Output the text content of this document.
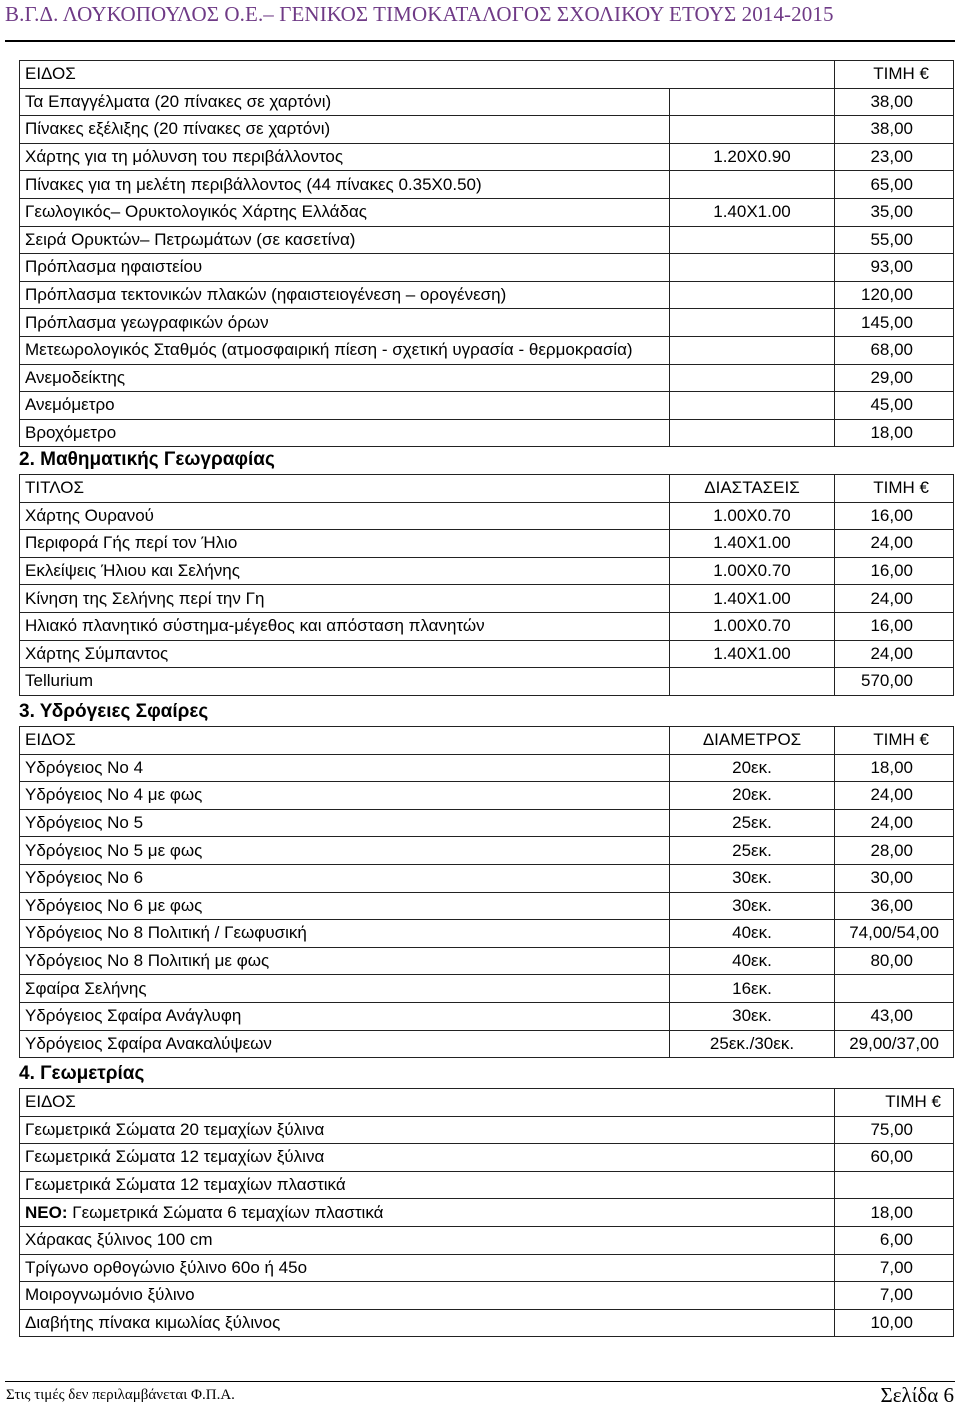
Β.Γ.Δ. ΛΟΥΚΟΠΟΥΛΟΣ Ο.Ε.– ΓΕΝΙΚΟΣ ΤΙΜΟΚΑΤΑΛΟΓΟΣ ΣΧΟΛΙΚΟΥ ΕΤΟΥΣ 2014-2015
ΕΙΔΟΣ		ΤΙΜΗ €
Τα Επαγγέλματα (20 πίνακες σε χαρτόνι)		38,00
Πίνακες εξέλιξης (20 πίνακες σε χαρτόνι)		38,00
Χάρτης για τη μόλυνση του περιβάλλοντος	1.20Χ0.90	23,00
Πίνακες για τη μελέτη περιβάλλοντος (44 πίνακες 0.35Χ0.50)		65,00
Γεωλογικός– Ορυκτολογικός Χάρτης Ελλάδας	1.40Χ1.00	35,00
Σειρά Ορυκτών– Πετρωμάτων (σε κασετίνα)		55,00
Πρόπλασμα ηφαιστείου		93,00
Πρόπλασμα τεκτονικών πλακών (ηφαιστειογένεση – ορογένεση)		120,00
Πρόπλασμα γεωγραφικών όρων		145,00
Μετεωρολογικός Σταθμός (ατμοσφαιρική πίεση - σχετική υγρασία - θερμοκρασία)		68,00
Ανεμοδείκτης		29,00
Ανεμόμετρο		45,00
Βροχόμετρο		18,00
2. Μαθηματικής Γεωγραφίας
ΤΙΤΛΟΣ	ΔΙΑΣΤΑΣΕΙΣ	ΤΙΜΗ €
Χάρτης Ουρανού	1.00Χ0.70	16,00
Περιφορά Γής περί τον Ήλιο	1.40Χ1.00	24,00
Εκλείψεις Ήλιου και Σελήνης	1.00Χ0.70	16,00
Κίνηση της Σελήνης περί την Γη	1.40Χ1.00	24,00
Ηλιακό πλανητικό σύστημα-μέγεθος και απόσταση πλανητών	1.00Χ0.70	16,00
Χάρτης Σύμπαντος	1.40Χ1.00	24,00
Tellurium		570,00
3. Υδρόγειες Σφαίρες
ΕΙΔΟΣ	ΔΙΑΜΕΤΡΟΣ	ΤΙΜΗ €
Υδρόγειος Νο 4	20εκ.	18,00
Υδρόγειος Νο 4 με φως	20εκ.	24,00
Υδρόγειος Νο 5	25εκ.	24,00
Υδρόγειος Νο 5 με φως	25εκ.	28,00
Υδρόγειος Νο 6	30εκ.	30,00
Υδρόγειος Νο 6 με φως	30εκ.	36,00
Υδρόγειος Νο 8 Πολιτική / Γεωφυσική	40εκ.	74,00/54,00
Υδρόγειος Νο 8 Πολιτική με φως	40εκ.	80,00
Σφαίρα Σελήνης	16εκ.	
Υδρόγειος Σφαίρα Ανάγλυφη	30εκ.	43,00
Υδρόγειος Σφαίρα Ανακαλύψεων	25εκ./30εκ.	29,00/37,00
4. Γεωμετρίας
ΕΙΔΟΣ	ΤΙΜΗ €
Γεωμετρικά Σώματα 20 τεμαχίων ξύλινα	75,00
Γεωμετρικά Σώματα 12 τεμαχίων ξύλινα	60,00
Γεωμετρικά Σώματα 12 τεμαχίων πλαστικά	
ΝΕΟ: Γεωμετρικά Σώματα 6 τεμαχίων πλαστικά	18,00
Χάρακας ξύλινος 100 cm	6,00
Τρίγωνο ορθογώνιο ξύλινο 60ο ή 45ο	7,00
Μοιρογνωμόνιο ξύλινο	7,00
Διαβήτης πίνακα κιμωλίας ξύλινος	10,00
Στις τιμές δεν περιλαμβάνεται Φ.Π.Α.	Σελίδα 6
